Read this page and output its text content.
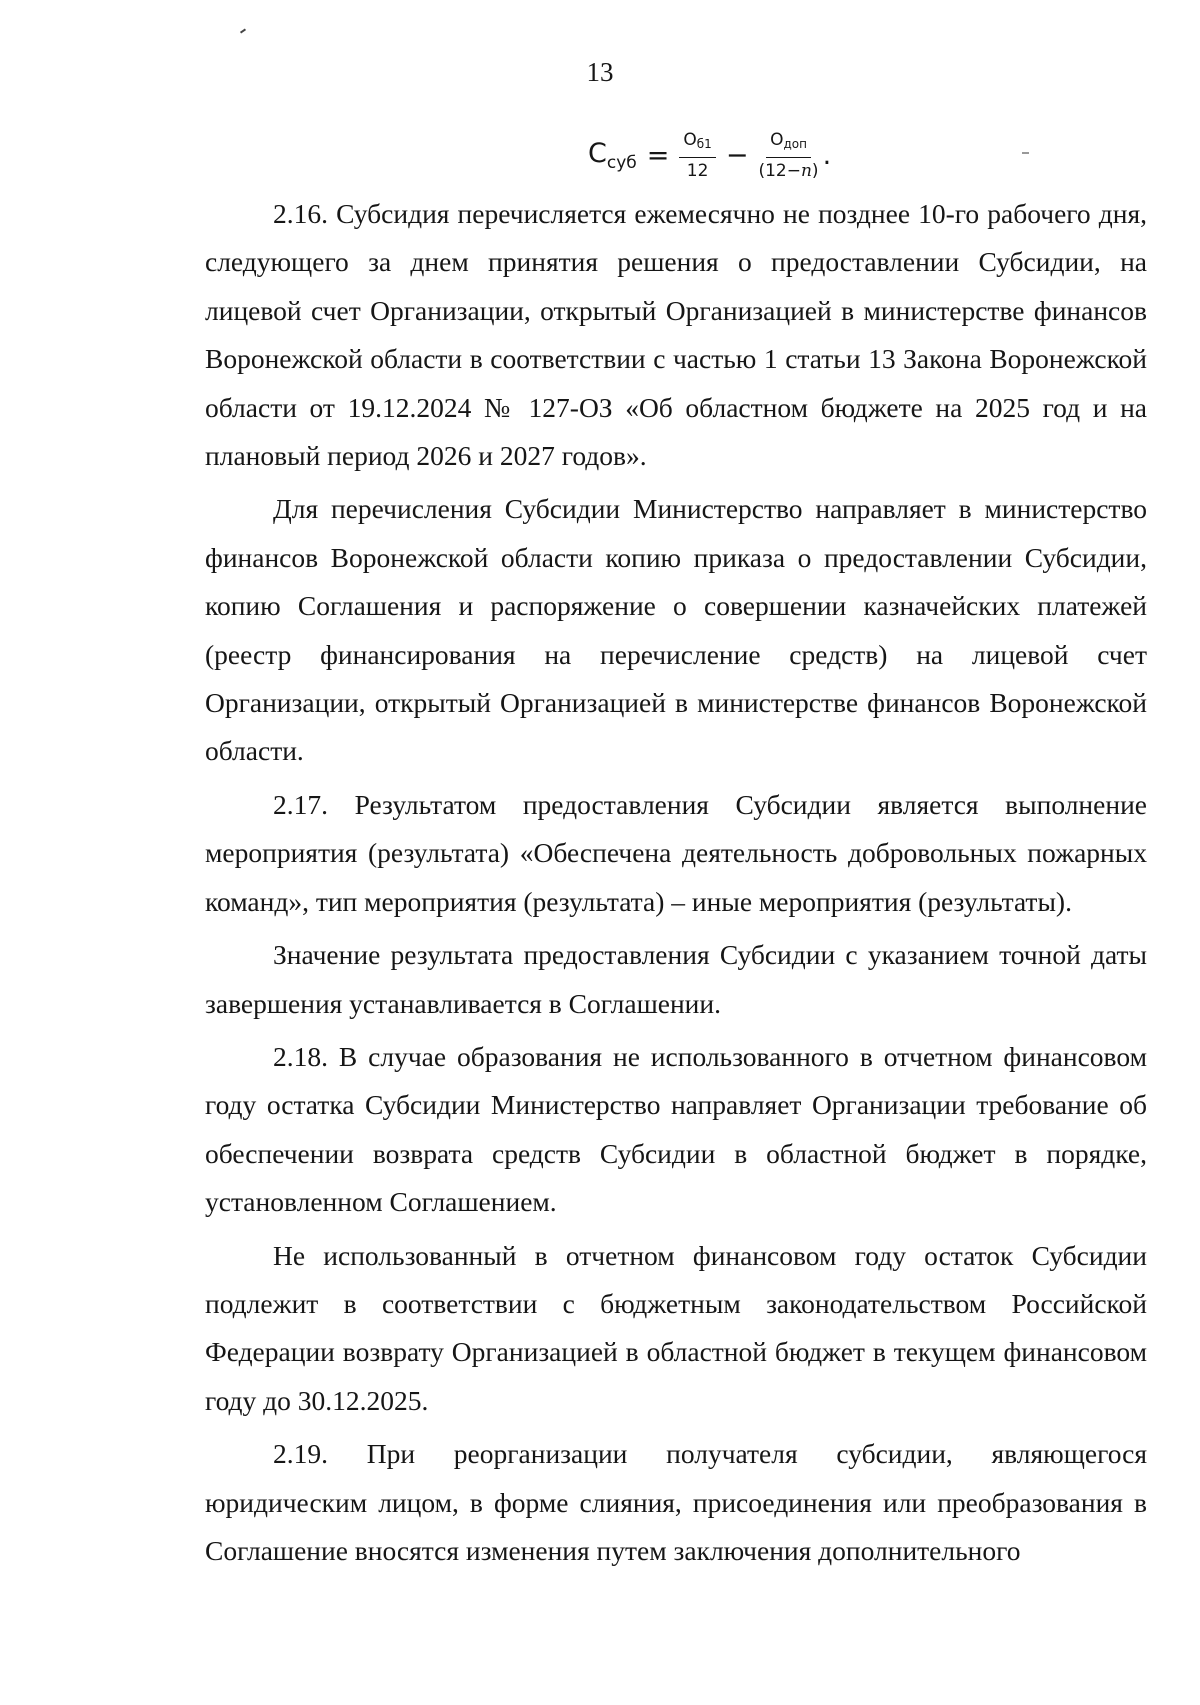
13
$С_{суб} = \frac{О_{б1}}{12} - \frac{О_{доп}}{(12-n)}$ .

2.16. Субсидия перечисляется ежемесячно не позднее 10-го рабочего дня, следующего за днем принятия решения о предоставлении Субсидии, на лицевой счет Организации, открытый Организацией в министерстве финансов Воронежской области в соответствии с частью 1 статьи 13 Закона Воронежской области от 19.12.2024 № 127-ОЗ «Об областном бюджете на 2025 год и на плановый период 2026 и 2027 годов».

Для перечисления Субсидии Министерство направляет в министерство финансов Воронежской области копию приказа о предоставлении Субсидии, копию Соглашения и распоряжение о совершении казначейских платежей (реестр финансирования на перечисление средств) на лицевой счет Организации, открытый Организацией в министерстве финансов Воронежской области.

2.17. Результатом предоставления Субсидии является выполнение мероприятия (результата) «Обеспечена деятельность добровольных пожарных команд», тип мероприятия (результата) – иные мероприятия (результаты).

Значение результата предоставления Субсидии с указанием точной даты завершения устанавливается в Соглашении.

2.18. В случае образования не использованного в отчетном финансовом году остатка Субсидии Министерство направляет Организации требование об обеспечении возврата средств Субсидии в областной бюджет в порядке, установленном Соглашением.

Не использованный в отчетном финансовом году остаток Субсидии подлежит в соответствии с бюджетным законодательством Российской Федерации возврату Организацией в областной бюджет в текущем финансовом году до 30.12.2025.

2.19. При реорганизации получателя субсидии, являющегося юридическим лицом, в форме слияния, присоединения или преобразования в Соглашение вносятся изменения путем заключения дополнительного
